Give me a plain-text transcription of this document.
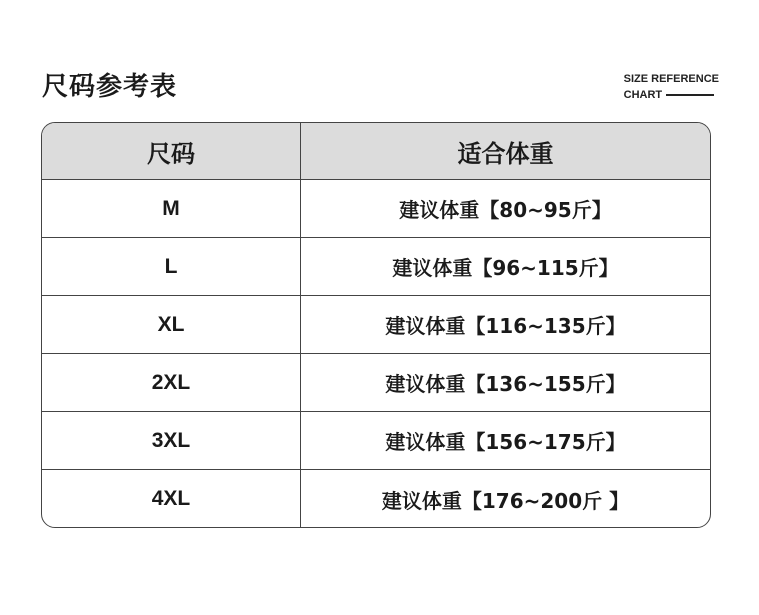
尺码参考表	SIZE REFERENCE
CHART
尺码	适合体重
M	建议体重【80~95斤】
L	建议体重【96~115斤】
XL	建议体重【116~135斤】
2XL	建议体重【136~155斤】
3XL	建议体重【156~175斤】
4XL	建议体重【176~200斤 】
